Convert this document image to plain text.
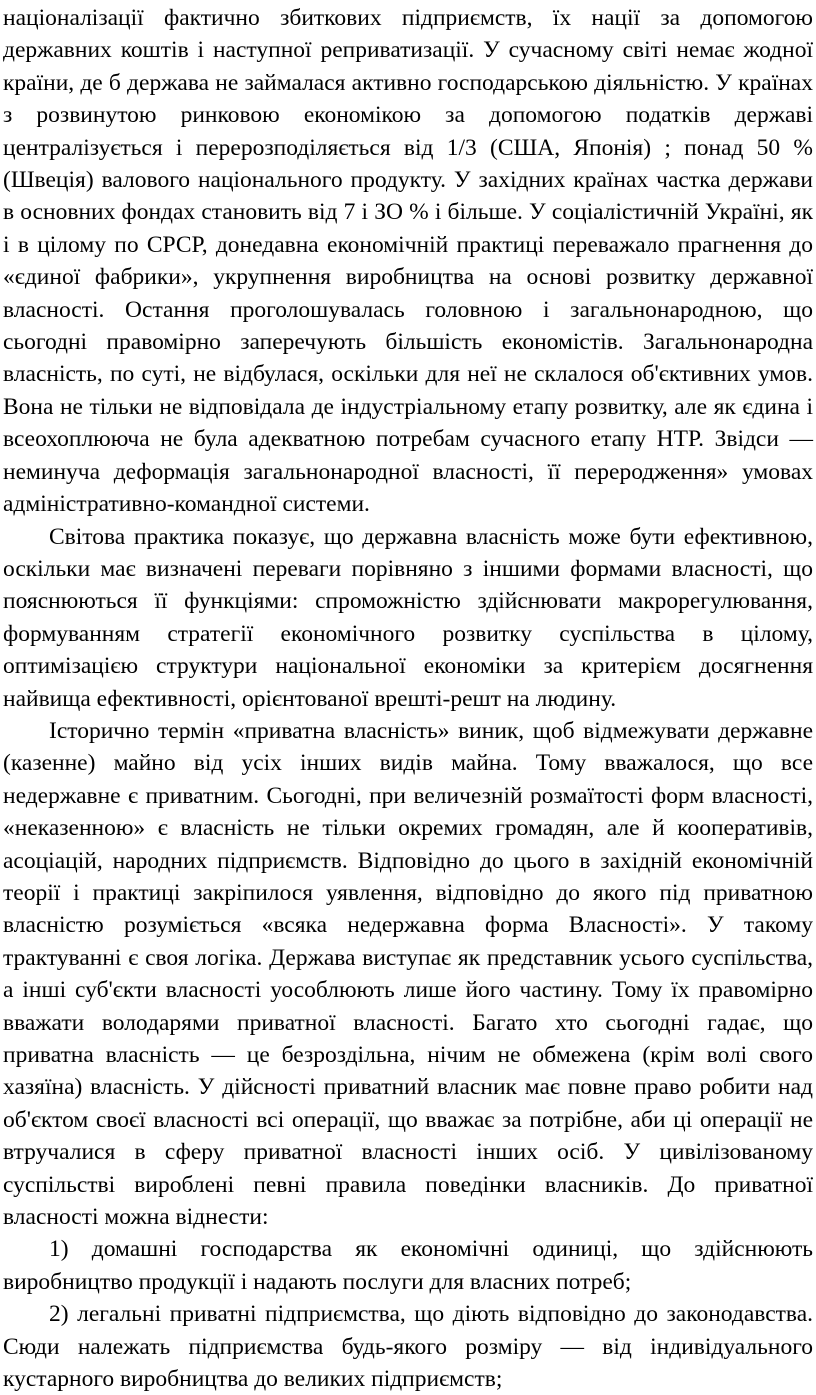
націоналізації фактично збиткових підприємств, їх нації за допомогою державних коштів і наступної реприватизації. У сучасному світі немає жодної країни, де б держава не займалася активно господарською діяльністю. У країнах з розвинутою ринковою економікою за допомогою податків державі централізується і перерозподіляється від 1/3 (США, Японія) ; понад 50 % (Швеція) валового національного продукту. У західних країнах частка держави в основних фондах становить від 7 і ЗО % і більше. У соціалістичній Україні, як і в цілому по СРСР, донедавна економічній практиці переважало прагнення до «єдиної фабрики», укрупнення виробництва на основі розвитку державної власності. Остання проголошувалась головною і загальнонародною, що сьогодні правомірно заперечують більшість економістів. Загальнонародна власність, по суті, не відбулася, оскільки для неї не склалося об'єктивних умов. Вона не тільки не відповідала де індустріальному етапу розвитку, але як єдина і всеохоплююча не була адекватною потребам сучасного етапу НТР. Звідси — неминуча деформація загальнонародної власності, її переродження» умовах адміністративно-командної системи.

Світова практика показує, що державна власність може бути ефективною, оскільки має визначені переваги порівняно з іншими формами власності, що пояснюються її функціями: спроможністю здійснювати макрорегулювання, формуванням стратегії економічного розвитку суспільства в цілому, оптимізацією структури національної економіки за критерієм досягнення найвища ефективності, орієнтованої врешті-решт на людину.

Історично термін «приватна власність» виник, щоб відмежувати державне (казенне) майно від усіх інших видів майна. Тому вважалося, що все недержавне є приватним. Сьогодні, при величезній розмаїтості форм власності, «неказенною» є власність не тільки окремих громадян, але й кооперативів, асоціацій, народних підприємств. Відповідно до цього в західній економічній теорії і практиці закріпилося уявлення, відповідно до якого під приватною власністю розуміється «всяка недержавна форма Власності». У такому трактуванні є своя логіка. Держава виступає як представник усього суспільства, а інші суб'єкти власності уособлюють лише його частину. Тому їх правомірно вважати володарями приватної власності. Багато хто сьогодні гадає, що приватна власність — це безроздільна, нічим не обмежена (крім волі свого хазяїна) власність. У дійсності приватний власник має повне право робити над об'єктом своєї власності всі операції, що вважає за потрібне, аби ці операції не втручалися в сферу приватної власності інших осіб. У цивілізованому суспільстві вироблені певні правила поведінки власників. До приватної власності можна віднести:

1) домашні господарства як економічні одиниці, що здійснюють виробництво продукції і надають послуги для власних потреб;

2) легальні приватні підприємства, що діють відповідно до законодавства. Сюди належать підприємства будь-якого розміру — від індивідуального кустарного виробництва до великих підприємств;
